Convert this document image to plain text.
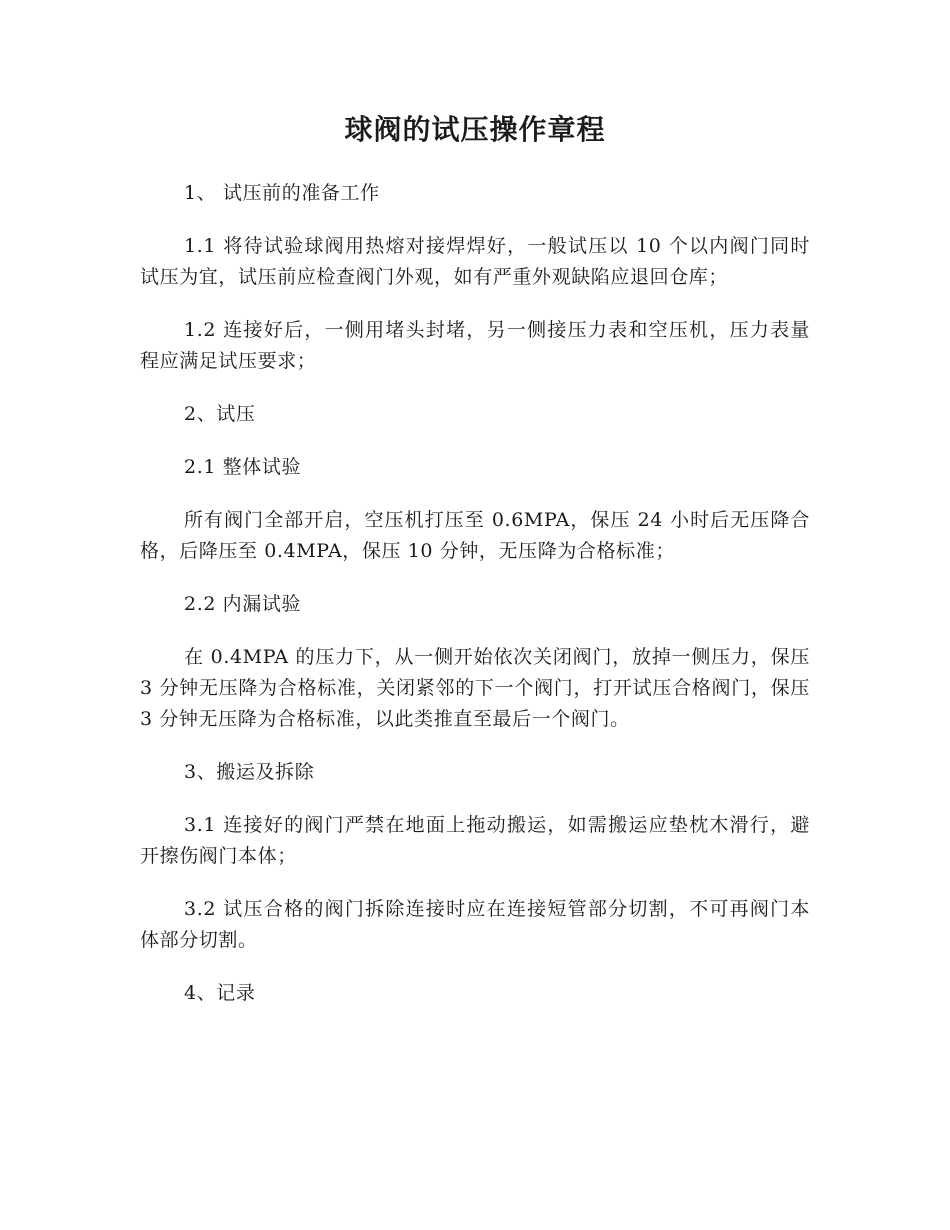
球阀的试压操作章程

1、 试压前的准备工作

1.1 将待试验球阀用热熔对接焊焊好，一般试压以 10 个以内阀门同时试压为宜，试压前应检查阀门外观，如有严重外观缺陷应退回仓库；

1.2 连接好后，一侧用堵头封堵，另一侧接压力表和空压机，压力表量程应满足试压要求；

2、试压

2.1 整体试验

所有阀门全部开启，空压机打压至 0.6MPA，保压 24 小时后无压降合格，后降压至 0.4MPA，保压 10 分钟，无压降为合格标准；

2.2 内漏试验

在 0.4MPA 的压力下，从一侧开始依次关闭阀门，放掉一侧压力，保压 3 分钟无压降为合格标准，关闭紧邻的下一个阀门，打开试压合格阀门，保压 3 分钟无压降为合格标准，以此类推直至最后一个阀门。

3、搬运及拆除

3.1 连接好的阀门严禁在地面上拖动搬运，如需搬运应垫枕木滑行，避开擦伤阀门本体；

3.2 试压合格的阀门拆除连接时应在连接短管部分切割，不可再阀门本体部分切割。

4、记录
